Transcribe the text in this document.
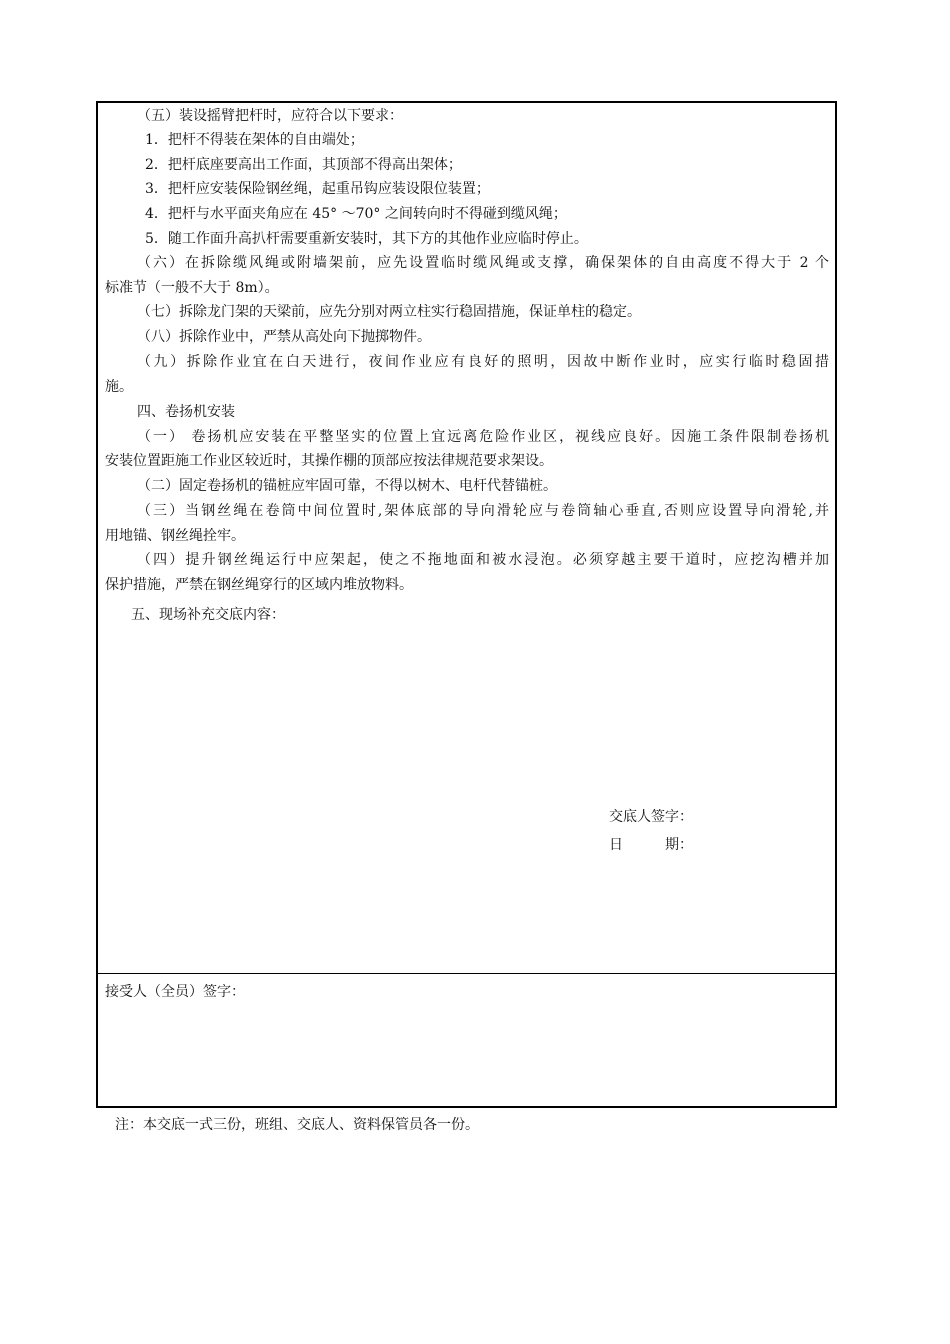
（五）装设摇臂把杆时，应符合以下要求：
1．把杆不得装在架体的自由端处；
2．把杆底座要高出工作面，其顶部不得高出架体；
3．把杆应安装保险钢丝绳，起重吊钩应装设限位装置；
4．把杆与水平面夹角应在 45° ～70° 之间转向时不得碰到缆风绳；
5．随工作面升高扒杆需要重新安装时，其下方的其他作业应临时停止。
（六）在拆除缆风绳或附墙架前，应先设置临时缆风绳或支撑，确保架体的自由高度不得大于 2 个
标准节（一般不大于 8m）。
（七）拆除龙门架的天梁前，应先分别对两立柱实行稳固措施，保证单柱的稳定。
（八）拆除作业中，严禁从高处向下抛掷物件。
（九）拆除作业宜在白天进行，夜间作业应有良好的照明，因故中断作业时，应实行临时稳固措
施。
四、卷扬机安装
（一） 卷扬机应安装在平整坚实的位置上宜远离危险作业区，视线应良好。因施工条件限制卷扬机
安装位置距施工作业区较近时，其操作棚的顶部应按法律规范要求架设。
（二）固定卷扬机的锚桩应牢固可靠，不得以树木、电杆代替锚桩。
（三）当钢丝绳在卷筒中间位置时,架体底部的导向滑轮应与卷筒轴心垂直,否则应设置导向滑轮,并
用地锚、钢丝绳拴牢。
（四）提升钢丝绳运行中应架起，使之不拖地面和被水浸泡。必须穿越主要干道时，应挖沟槽并加
保护措施，严禁在钢丝绳穿行的区域内堆放物料。
五、现场补充交底内容：
交底人签字：
日　　　期：
接受人（全员）签字：
注：本交底一式三份，班组、交底人、资料保管员各一份。
